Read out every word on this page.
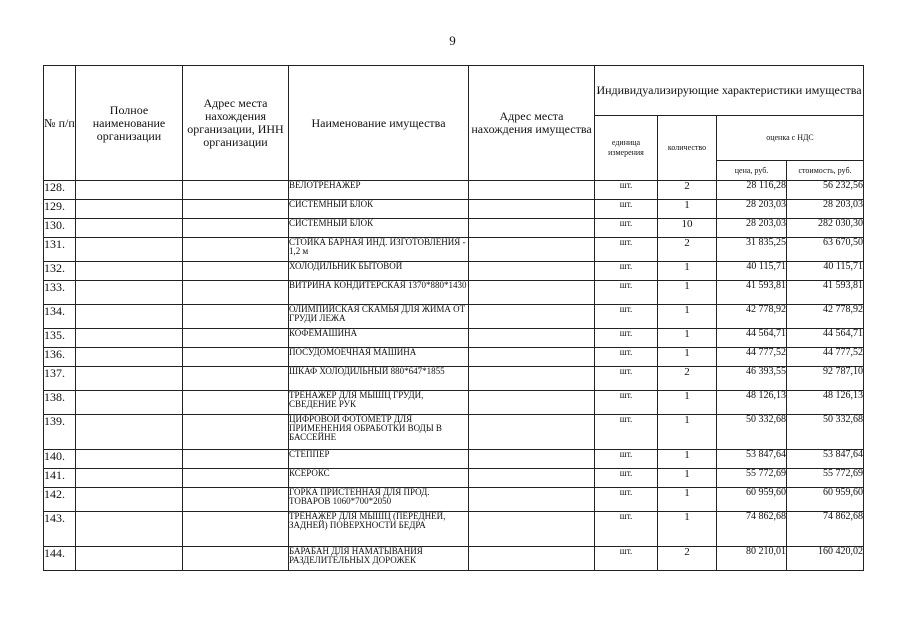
9
№ п/п	Полное наименование организации	Адрес места нахождения организации, ИНН организации	Наименование имущества	Адрес места нахождения имущества	Индивидуализирующие характеристики имущества			
					единица измерения	количество	оценка с НДС	
							цена, руб.	стоимость, руб.
128.			ВЕЛОТРЕНАЖЕР		шт.	2	28 116,28	56 232,56
129.			СИСТЕМНЫЙ БЛОК		шт.	1	28 203,03	28 203,03
130.			СИСТЕМНЫЙ БЛОК		шт.	10	28 203,03	282 030,30
131.			СТОЙКА БАРНАЯ ИНД. ИЗГОТОВЛЕНИЯ - 1,2 м		шт.	2	31 835,25	63 670,50
132.			ХОЛОДИЛЬНИК БЫТОВОЙ		шт.	1	40 115,71	40 115,71
133.			ВИТРИНА КОНДИТЕРСКАЯ 1370*880*1430		шт.	1	41 593,81	41 593,81
134.			ОЛИМПИЙСКАЯ СКАМЬЯ ДЛЯ ЖИМА ОТ ГРУДИ ЛЕЖА		шт.	1	42 778,92	42 778,92
135.			КОФЕМАШИНА		шт.	1	44 564,71	44 564,71
136.			ПОСУДОМОЕЧНАЯ МАШИНА		шт.	1	44 777,52	44 777,52
137.			ШКАФ ХОЛОДИЛЬНЫЙ 880*647*1855		шт.	2	46 393,55	92 787,10
138.			ТРЕНАЖЕР ДЛЯ МЫШЦ ГРУДИ, СВЕДЕНИЕ РУК		шт.	1	48 126,13	48 126,13
139.			ЦИФРОВОЙ ФОТОМЕТР ДЛЯ ПРИМЕНЕНИЯ ОБРАБОТКИ ВОДЫ В БАССЕЙНЕ		шт.	1	50 332,68	50 332,68
140.			СТЕППЕР		шт.	1	53 847,64	53 847,64
141.			КСЕРОКС		шт.	1	55 772,69	55 772,69
142.			ГОРКА ПРИСТЕННАЯ ДЛЯ ПРОД. ТОВАРОВ 1060*700*2050		шт.	1	60 959,60	60 959,60
143.			ТРЕНАЖЕР ДЛЯ МЫШЦ (ПЕРЕДНЕЙ, ЗАДНЕЙ) ПОВЕРХНОСТИ БЕДРА		шт.	1	74 862,68	74 862,68
144.			БАРАБАН ДЛЯ НАМАТЫВАНИЯ РАЗДЕЛИТЕЛЬНЫХ ДОРОЖЕК		шт.	2	80 210,01	160 420,02
